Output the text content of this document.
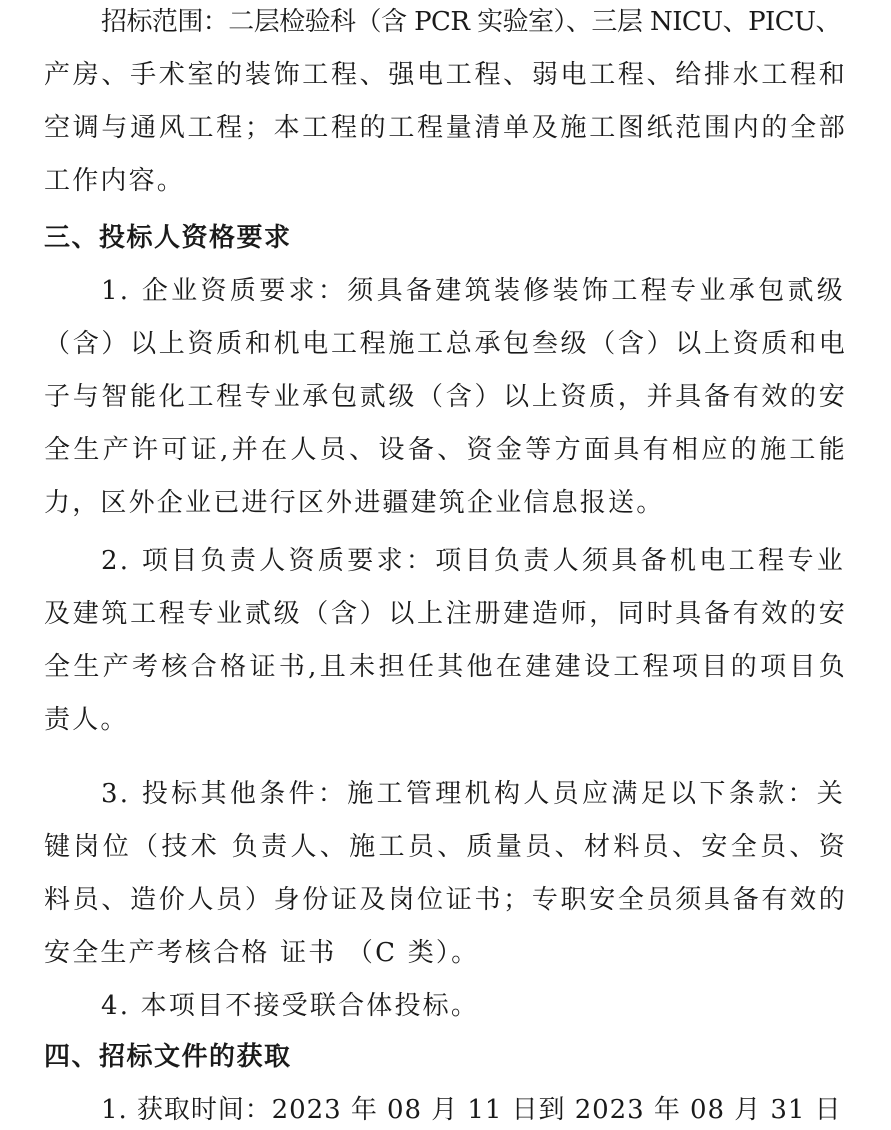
招标范围：二层检验科（含 PCR 实验室）、三层 NICU、PICU、
产房、手术室的装饰工程、强电工程、弱电工程、给排水工程和
空调与通风工程；本工程的工程量清单及施工图纸范围内的全部
工作内容。
三、投标人资格要求
1. 企业资质要求：须具备建筑装修装饰工程专业承包贰级
（含）以上资质和机电工程施工总承包叁级（含）以上资质和电
子与智能化工程专业承包贰级（含）以上资质，并具备有效的安
全生产许可证,并在人员、设备、资金等方面具有相应的施工能
力，区外企业已进行区外进疆建筑企业信息报送。
2. 项目负责人资质要求：项目负责人须具备机电工程专业
及建筑工程专业贰级（含）以上注册建造师，同时具备有效的安
全生产考核合格证书,且未担任其他在建建设工程项目的项目负
责人。
3. 投标其他条件：施工管理机构人员应满足以下条款：关
键岗位（技术 负责人、施工员、质量员、材料员、安全员、资
料员、造价人员）身份证及岗位证书；专职安全员须具备有效的
安全生产考核合格 证书 （C 类）。
4. 本项目不接受联合体投标。
四、招标文件的获取
1. 获取时间：2023 年 08 月 11 日到 2023 年 08 月 31 日
